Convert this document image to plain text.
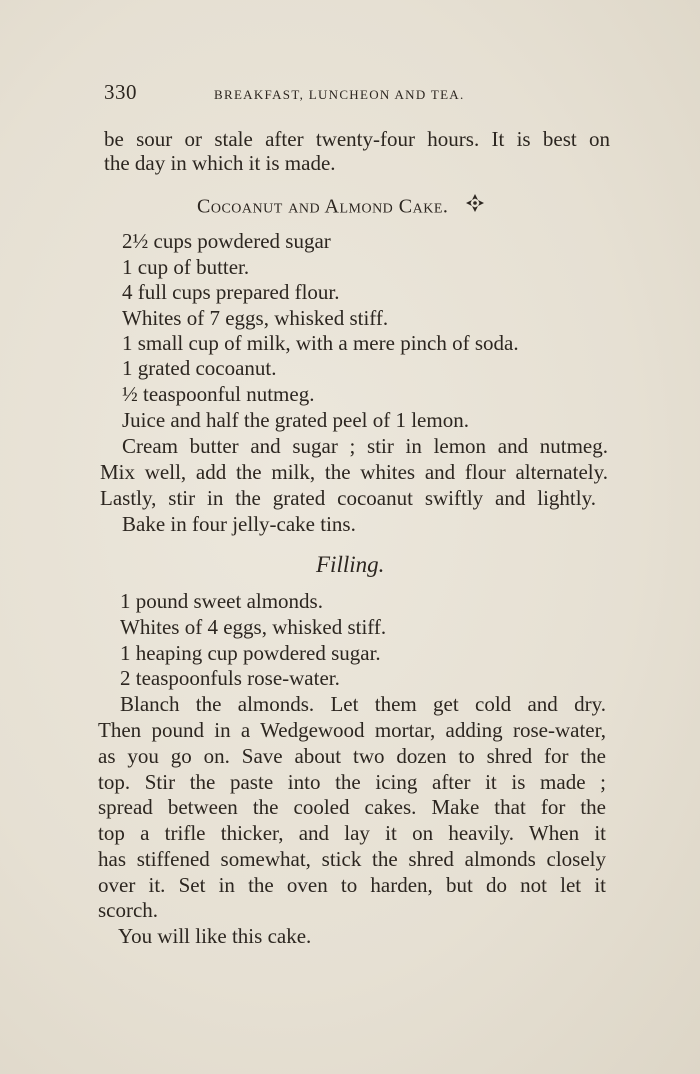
330	BREAKFAST, LUNCHEON AND TEA.
be sour or stale after twenty-four hours. It is best on
the day in which it is made.
Cocoanut and Almond Cake.
2½ cups powdered sugar
1 cup of butter.
4 full cups prepared flour.
Whites of 7 eggs, whisked stiff.
1 small cup of milk, with a mere pinch of soda.
1 grated cocoanut.
½ teaspoonful nutmeg.
Juice and half the grated peel of 1 lemon.
Cream butter and sugar ; stir in lemon and nutmeg.
Mix well, add the milk, the whites and flour alternately.
Lastly, stir in the grated cocoanut swiftly and lightly.
Bake in four jelly-cake tins.
Filling.
1 pound sweet almonds.
Whites of 4 eggs, whisked stiff.
1 heaping cup powdered sugar.
2 teaspoonfuls rose-water.
Blanch the almonds. Let them get cold and dry.
Then pound in a Wedgewood mortar, adding rose-water,
as you go on. Save about two dozen to shred for the
top. Stir the paste into the icing after it is made ;
spread between the cooled cakes. Make that for the
top a trifle thicker, and lay it on heavily. When it
has stiffened somewhat, stick the shred almonds closely
over it. Set in the oven to harden, but do not let it
scorch.
You will like this cake.
